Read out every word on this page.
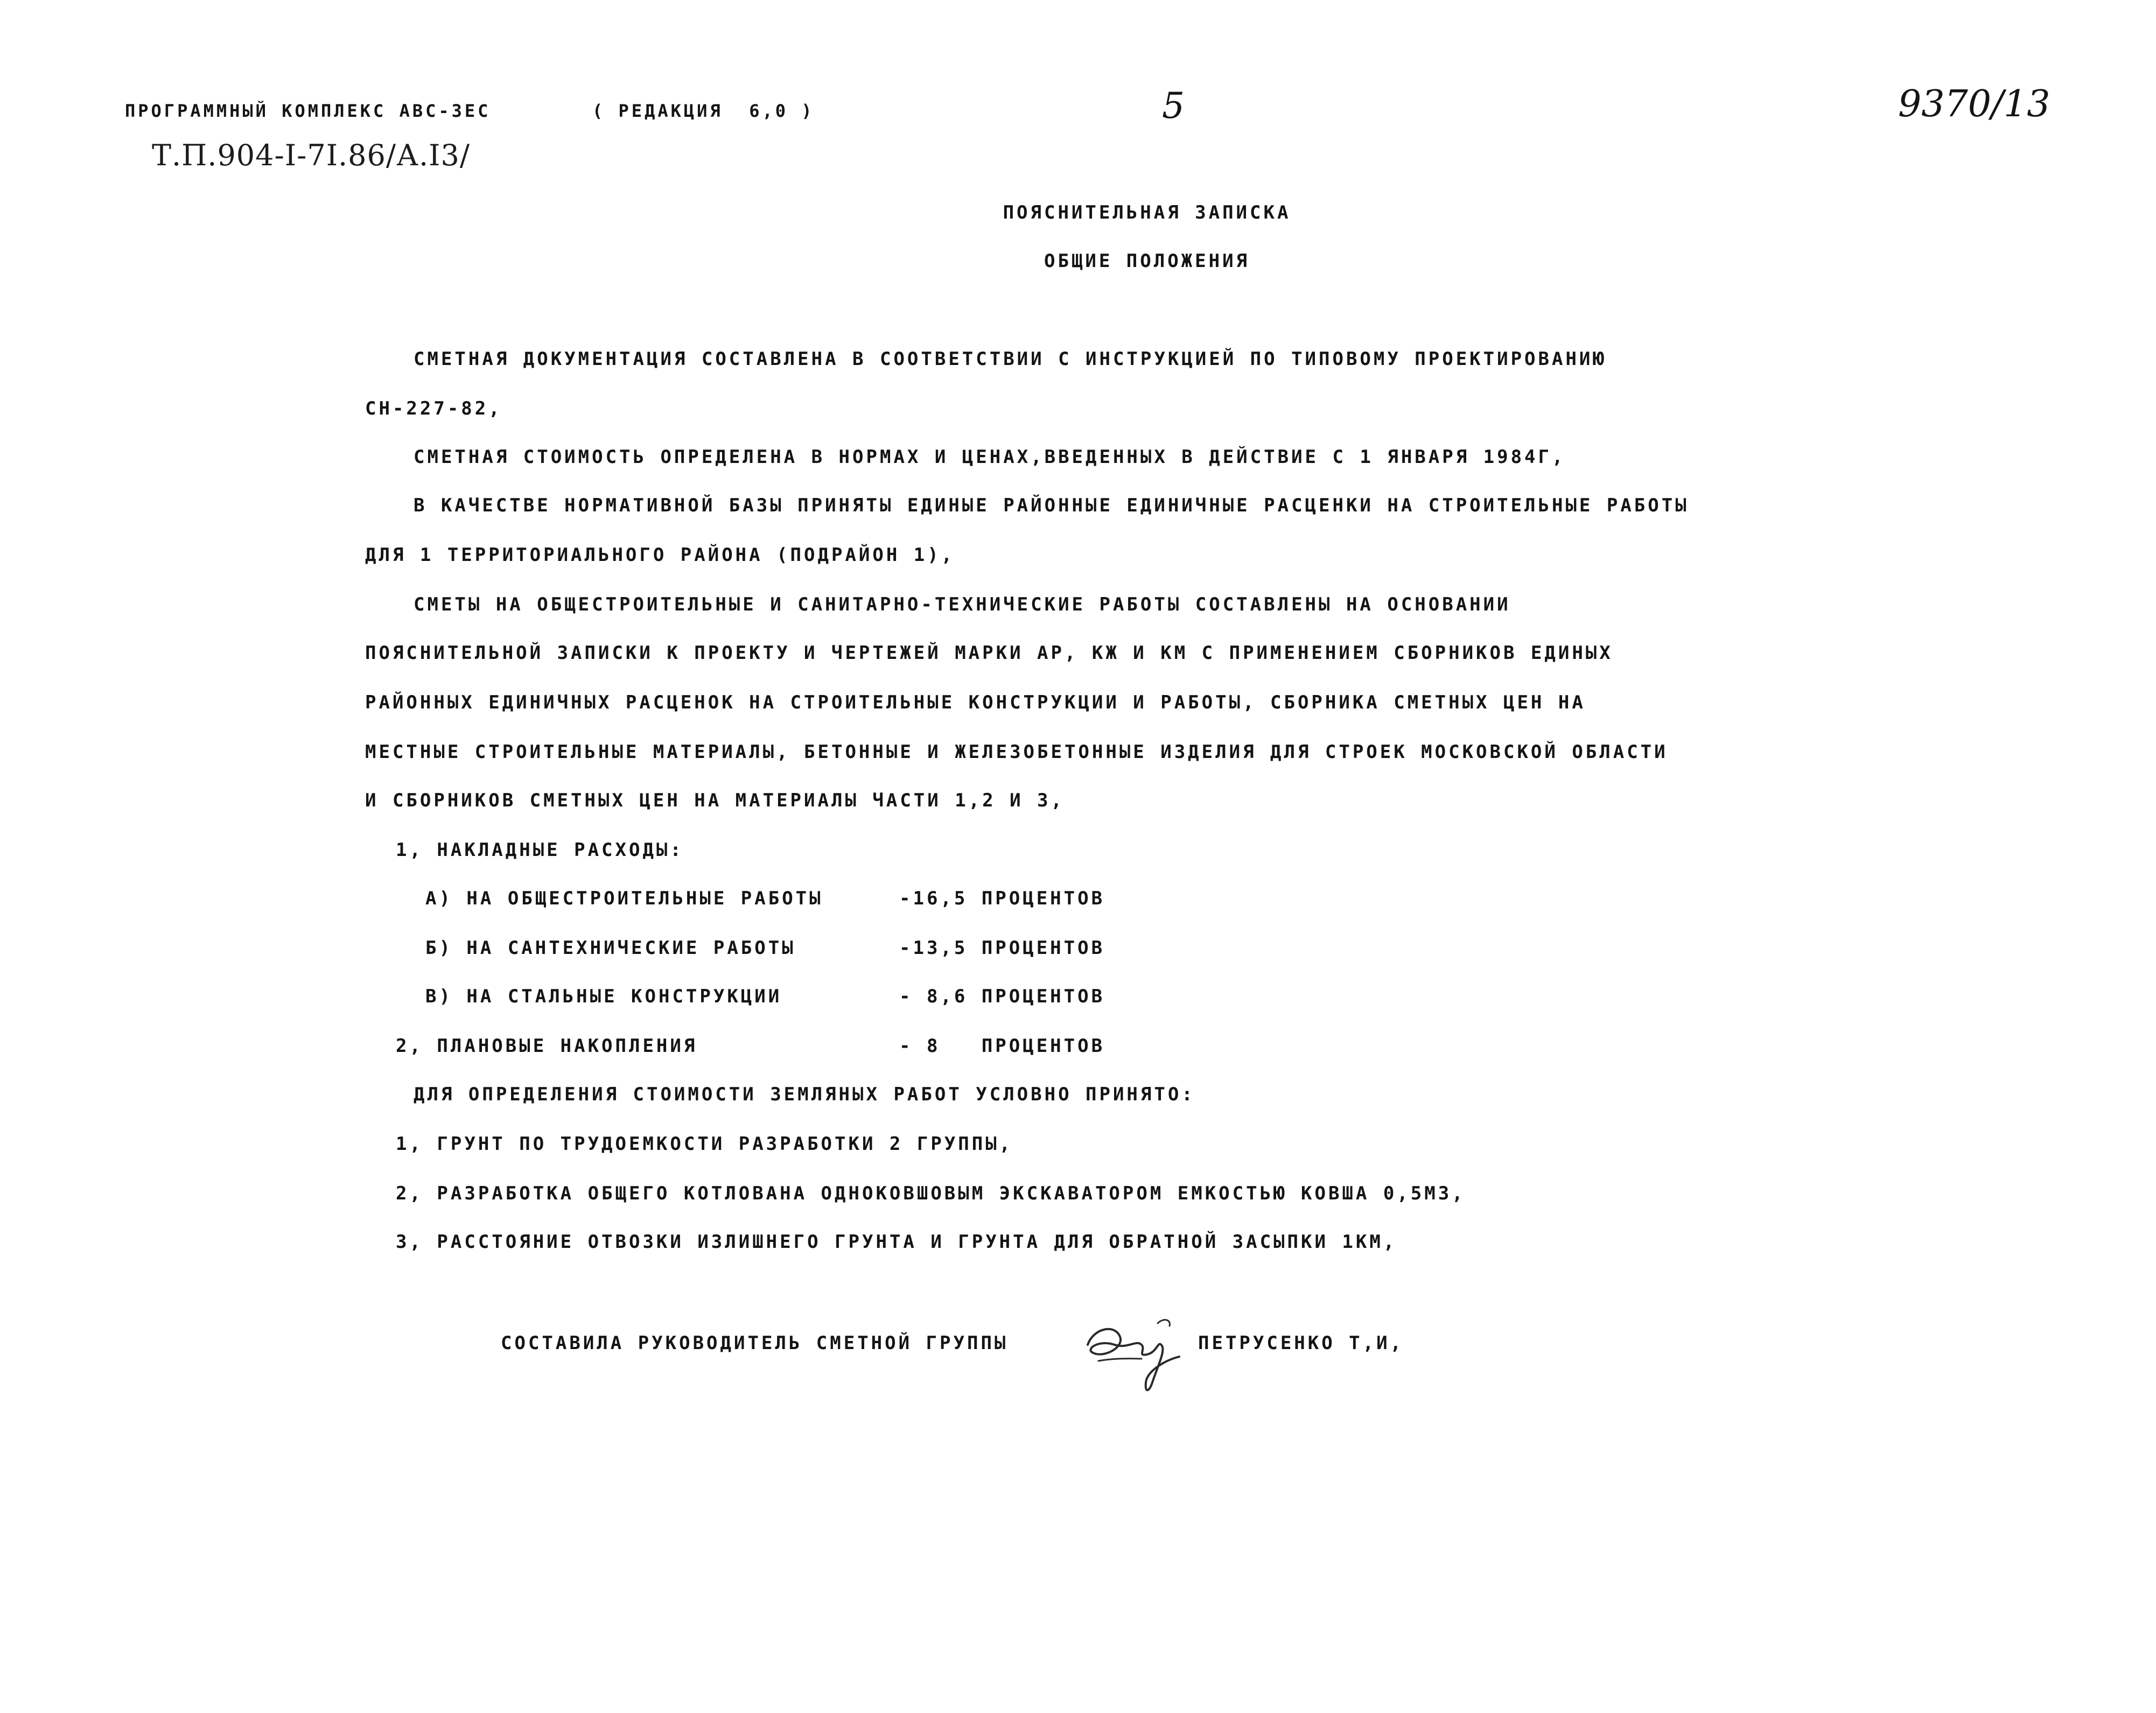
ПРОГРАММНЫЙ КОМПЛЕКС АВС-ЗЕС	( РЕДАКЦИЯ  6,0 )	5	9370/13
Т.П.904-I-7I.86/А.I3/
ПОЯСНИТЕЛЬНАЯ ЗАПИСКА
ОБЩИЕ ПОЛОЖЕНИЯ
СМЕТНАЯ ДОКУМЕНТАЦИЯ СОСТАВЛЕНА В СООТВЕТСТВИИ С ИНСТРУКЦИЕЙ ПО ТИПОВОМУ ПРОЕКТИРОВАНИЮ
СН-227-82,
СМЕТНАЯ СТОИМОСТЬ ОПРЕДЕЛЕНА В НОРМАХ И ЦЕНАХ,ВВЕДЕННЫХ В ДЕЙСТВИЕ С 1 ЯНВАРЯ 1984Г,
В КАЧЕСТВЕ НОРМАТИВНОЙ БАЗЫ ПРИНЯТЫ ЕДИНЫЕ РАЙОННЫЕ ЕДИНИЧНЫЕ РАСЦЕНКИ НА СТРОИТЕЛЬНЫЕ РАБОТЫ
ДЛЯ 1 ТЕРРИТОРИАЛЬНОГО РАЙОНА (ПОДРАЙОН 1),
СМЕТЫ НА ОБЩЕСТРОИТЕЛЬНЫЕ И САНИТАРНО-ТЕХНИЧЕСКИЕ РАБОТЫ СОСТАВЛЕНЫ НА ОСНОВАНИИ
ПОЯСНИТЕЛЬНОЙ ЗАПИСКИ К ПРОЕКТУ И ЧЕРТЕЖЕЙ МАРКИ АР, КЖ И КМ С ПРИМЕНЕНИЕМ СБОРНИКОВ ЕДИНЫХ
РАЙОННЫХ ЕДИНИЧНЫХ РАСЦЕНОК НА СТРОИТЕЛЬНЫЕ КОНСТРУКЦИИ И РАБОТЫ, СБОРНИКА СМЕТНЫХ ЦЕН НА
МЕСТНЫЕ СТРОИТЕЛЬНЫЕ МАТЕРИАЛЫ, БЕТОННЫЕ И ЖЕЛЕЗОБЕТОННЫЕ ИЗДЕЛИЯ ДЛЯ СТРОЕК МОСКОВСКОЙ ОБЛАСТИ
И СБОРНИКОВ СМЕТНЫХ ЦЕН НА МАТЕРИАЛЫ ЧАСТИ 1,2 И 3,
1, НАКЛАДНЫЕ РАСХОДЫ:
А) НА ОБЩЕСТРОИТЕЛЬНЫЕ РАБОТЫ	-16,5 ПРОЦЕНТОВ
Б) НА САНТЕХНИЧЕСКИЕ РАБОТЫ	-13,5 ПРОЦЕНТОВ
В) НА СТАЛЬНЫЕ КОНСТРУКЦИИ	- 8,6 ПРОЦЕНТОВ
2, ПЛАНОВЫЕ НАКОПЛЕНИЯ	- 8   ПРОЦЕНТОВ
ДЛЯ ОПРЕДЕЛЕНИЯ СТОИМОСТИ ЗЕМЛЯНЫХ РАБОТ УСЛОВНО ПРИНЯТО:
1, ГРУНТ ПО ТРУДОЕМКОСТИ РАЗРАБОТКИ 2 ГРУППЫ,
2, РАЗРАБОТКА ОБЩЕГО КОТЛОВАНА ОДНОКОВШОВЫМ ЭКСКАВАТОРОМ ЕМКОСТЬЮ КОВША 0,5М3,
3, РАССТОЯНИЕ ОТВОЗКИ ИЗЛИШНЕГО ГРУНТА И ГРУНТА ДЛЯ ОБРАТНОЙ ЗАСЫПКИ 1КМ,
СОСТАВИЛА РУКОВОДИТЕЛЬ СМЕТНОЙ ГРУППЫ	ПЕТРУСЕНКО Т,И,
